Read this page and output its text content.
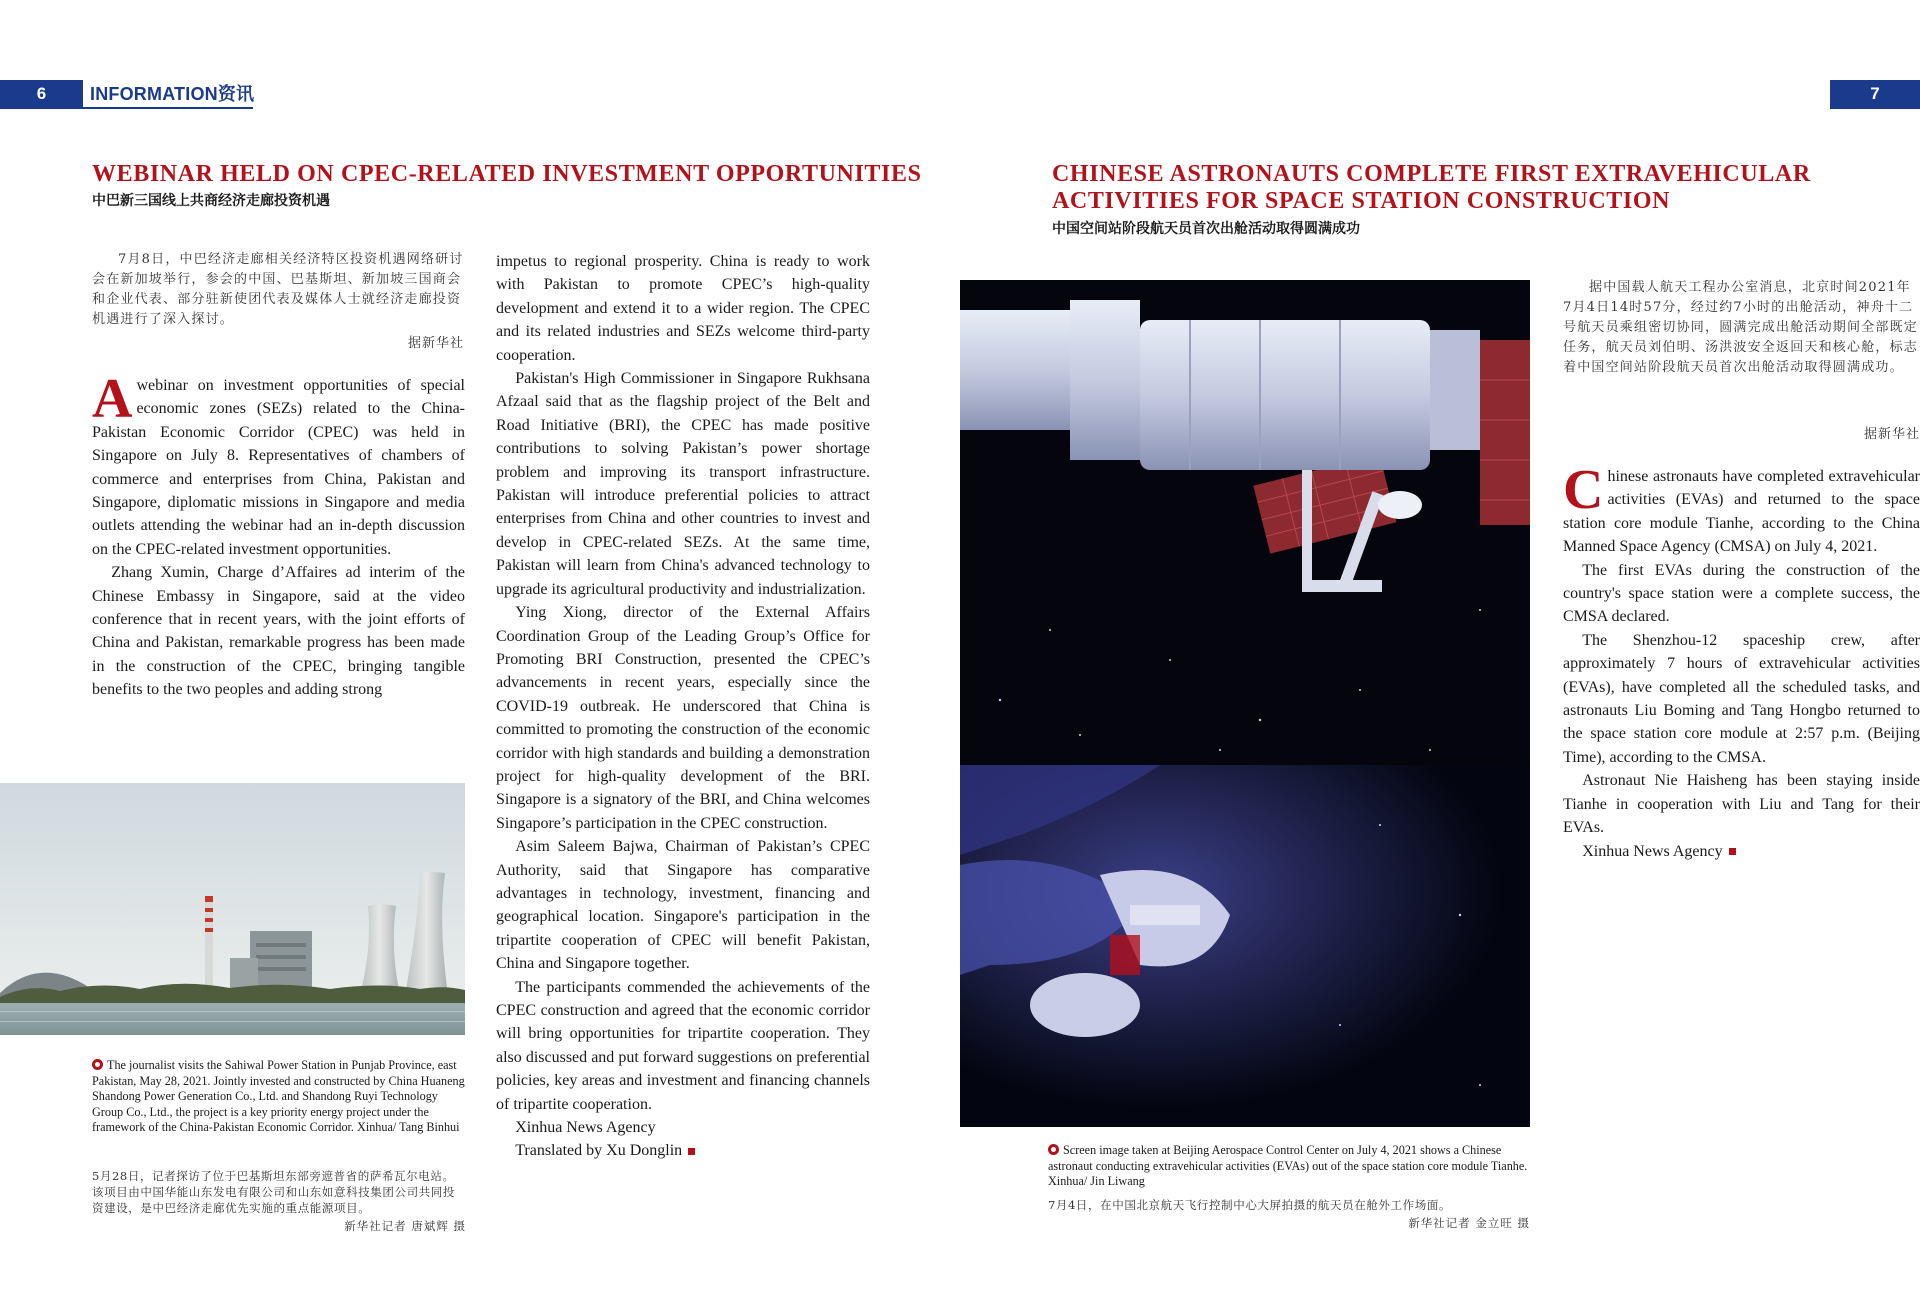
6	INFORMATION资讯	7
WEBINAR HELD ON CPEC-RELATED INVESTMENT OPPORTUNITIES
中巴新三国线上共商经济走廊投资机遇
7月8日，中巴经济走廊相关经济特区投资机遇网络研讨会在新加坡举行，参会的中国、巴基斯坦、新加坡三国商会和企业代表、部分驻新使团代表及媒体人士就经济走廊投资机遇进行了深入探讨。
据新华社

Awebinar on investment opportunities of special economic zones (SEZs) related to the China-Pakistan Economic Corridor (CPEC) was held in Singapore on July 8. Representatives of chambers of commerce and enterprises from China, Pakistan and Singapore, diplomatic missions in Singapore and media outlets attending the webinar had an in-depth discussion on the CPEC-related investment opportunities.

Zhang Xumin, Charge d’Affaires ad interim of the Chinese Embassy in Singapore, said at the video conference that in recent years, with the joint efforts of China and Pakistan, remarkable progress has been made in the construction of the CPEC, bringing tangible benefits to the two peoples and adding strong

impetus to regional prosperity. China is ready to work with Pakistan to promote CPEC’s high-quality development and extend it to a wider region. The CPEC and its related industries and SEZs welcome third-party cooperation.

Pakistan's High Commissioner in Singapore Rukhsana Afzaal said that as the flagship project of the Belt and Road Initiative (BRI), the CPEC has made positive contributions to solving Pakistan’s power shortage problem and improving its transport infrastructure. Pakistan will introduce preferential policies to attract enterprises from China and other countries to invest and develop in CPEC-related SEZs. At the same time, Pakistan will learn from China's advanced technology to upgrade its agricultural productivity and industrialization.

Ying Xiong, director of the External Affairs Coordination Group of the Leading Group’s Office for Promoting BRI Construction, presented the CPEC’s advancements in recent years, especially since the COVID-19 outbreak. He underscored that China is committed to promoting the construction of the economic corridor with high standards and building a demonstration project for high-quality development of the BRI. Singapore is a signatory of the BRI, and China welcomes Singapore’s participation in the CPEC construction.

Asim Saleem Bajwa, Chairman of Pakistan’s CPEC Authority, said that Singapore has comparative advantages in technology, investment, financing and geographical location. Singapore's participation in the tripartite cooperation of CPEC will benefit Pakistan, China and Singapore together.

The participants commended the achievements of the CPEC construction and agreed that the economic corridor will bring opportunities for tripartite cooperation. They also discussed and put forward suggestions on preferential policies, key areas and investment and financing channels of tripartite cooperation.

Xinhua News Agency

Translated by Xu Donglin

The journalist visits the Sahiwal Power Station in Punjab Province, east Pakistan, May 28, 2021. Jointly invested and constructed by China Huaneng Shandong Power Generation Co., Ltd. and Shandong Ruyi Technology Group Co., Ltd., the project is a key priority energy project under the framework of the China-Pakistan Economic Corridor. Xinhua/ Tang Binhui
5月28日，记者探访了位于巴基斯坦东部旁遮普省的萨希瓦尔电站。该项目由中国华能山东发电有限公司和山东如意科技集团公司共同投资建设，是中巴经济走廊优先实施的重点能源项目。
新华社记者 唐斌辉 摄
CHINESE ASTRONAUTS COMPLETE FIRST EXTRAVEHICULAR
ACTIVITIES FOR SPACE STATION CONSTRUCTION
中国空间站阶段航天员首次出舱活动取得圆满成功
据中国载人航天工程办公室消息，北京时间2021年7月4日14时57分，经过约7小时的出舱活动，神舟十二号航天员乘组密切协同，圆满完成出舱活动期间全部既定任务，航天员刘伯明、汤洪波安全返回天和核心舱，标志着中国空间站阶段航天员首次出舱活动取得圆满成功。
据新华社

Chinese astronauts have completed extravehicular activities (EVAs) and returned to the space station core module Tianhe, according to the China Manned Space Agency (CMSA) on July 4, 2021.

The first EVAs during the construction of the country's space station were a complete success, the CMSA declared.

The Shenzhou-12 spaceship crew, after approximately 7 hours of extravehicular activities (EVAs), have completed all the scheduled tasks, and astronauts Liu Boming and Tang Hongbo returned to the space station core module at 2:57 p.m. (Beijing Time), according to the CMSA.

Astronaut Nie Haisheng has been staying inside Tianhe in cooperation with Liu and Tang for their EVAs.

Xinhua News Agency

Screen image taken at Beijing Aerospace Control Center on July 4, 2021 shows a Chinese astronaut conducting extravehicular activities (EVAs) out of the space station core module Tianhe. Xinhua/ Jin Liwang
7月4日，在中国北京航天飞行控制中心大屏拍摄的航天员在舱外工作场面。
新华社记者 金立旺 摄
